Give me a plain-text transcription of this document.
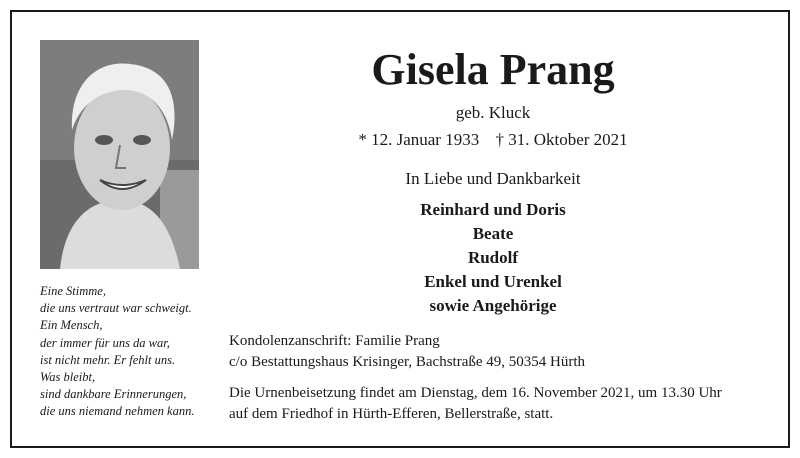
Eine Stimme,
die uns vertraut war schweigt.
Ein Mensch,
der immer für uns da war,
ist nicht mehr. Er fehlt uns.
Was bleibt,
sind dankbare Erinnerungen,
die uns niemand nehmen kann.
Gisela Prang
geb. Kluck
* 12. Januar 1933 † 31. Oktober 2021
In Liebe und Dankbarkeit
Reinhard und Doris
Beate
Rudolf
Enkel und Urenkel
sowie Angehörige
Kondolenzanschrift: Familie Prang
c/o Bestattungshaus Krisinger, Bachstraße 49, 50354 Hürth
Die Urnenbeisetzung findet am Dienstag, dem 16. November 2021, um 13.30 Uhr
auf dem Friedhof in Hürth-Efferen, Bellerstraße, statt.
